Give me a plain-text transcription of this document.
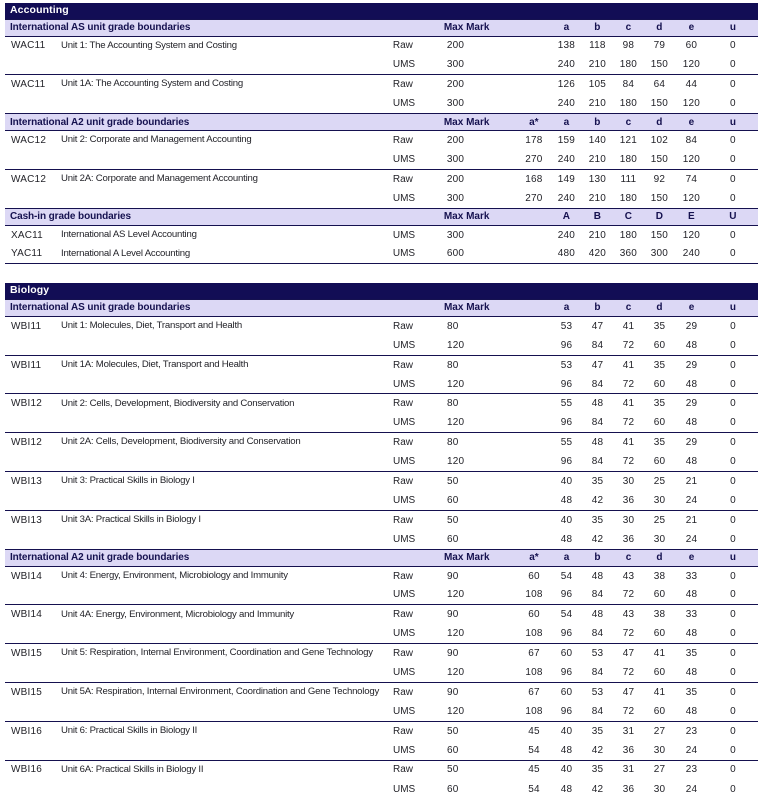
Accounting										
International AS unit grade boundaries			Max Mark		a	b	c	d	e	u
WAC11	Unit 1: The Accounting System and Costing	Raw	200		138	118	98	79	60	0
		UMS	300		240	210	180	150	120	0
WAC11	Unit 1A: The Accounting System and Costing	Raw	200		126	105	84	64	44	0
		UMS	300		240	210	180	150	120	0
International A2 unit grade boundaries			Max Mark	a*	a	b	c	d	e	u
WAC12	Unit 2: Corporate and Management Accounting	Raw	200	178	159	140	121	102	84	0
		UMS	300	270	240	210	180	150	120	0
WAC12	Unit 2A: Corporate and Management Accounting	Raw	200	168	149	130	111	92	74	0
		UMS	300	270	240	210	180	150	120	0
Cash-in grade boundaries			Max Mark		A	B	C	D	E	U
XAC11	International AS Level Accounting	UMS	300		240	210	180	150	120	0
YAC11	International A Level Accounting	UMS	600		480	420	360	300	240	0
Biology										
International AS unit grade boundaries			Max Mark		a	b	c	d	e	u
WBI11	Unit 1: Molecules, Diet, Transport and Health	Raw	80		53	47	41	35	29	0
		UMS	120		96	84	72	60	48	0
WBI11	Unit 1A: Molecules, Diet, Transport and Health	Raw	80		53	47	41	35	29	0
		UMS	120		96	84	72	60	48	0
WBI12	Unit 2: Cells, Development, Biodiversity and Conservation	Raw	80		55	48	41	35	29	0
		UMS	120		96	84	72	60	48	0
WBI12	Unit 2A: Cells, Development, Biodiversity and Conservation	Raw	80		55	48	41	35	29	0
		UMS	120		96	84	72	60	48	0
WBI13	Unit 3: Practical Skills in Biology I	Raw	50		40	35	30	25	21	0
		UMS	60		48	42	36	30	24	0
WBI13	Unit 3A: Practical Skills in Biology I	Raw	50		40	35	30	25	21	0
		UMS	60		48	42	36	30	24	0
International A2 unit grade boundaries			Max Mark	a*	a	b	c	d	e	u
WBI14	Unit 4: Energy, Environment, Microbiology and Immunity	Raw	90	60	54	48	43	38	33	0
		UMS	120	108	96	84	72	60	48	0
WBI14	Unit 4A: Energy, Environment, Microbiology and Immunity	Raw	90	60	54	48	43	38	33	0
		UMS	120	108	96	84	72	60	48	0
WBI15	Unit 5: Respiration, Internal Environment, Coordination and Gene Technology	Raw	90	67	60	53	47	41	35	0
		UMS	120	108	96	84	72	60	48	0
WBI15	Unit 5A: Respiration, Internal Environment, Coordination and Gene Technology	Raw	90	67	60	53	47	41	35	0
		UMS	120	108	96	84	72	60	48	0
WBI16	Unit 6: Practical Skills in Biology II	Raw	50	45	40	35	31	27	23	0
		UMS	60	54	48	42	36	30	24	0
WBI16	Unit 6A: Practical Skills in Biology II	Raw	50	45	40	35	31	27	23	0
		UMS	60	54	48	42	36	30	24	0
